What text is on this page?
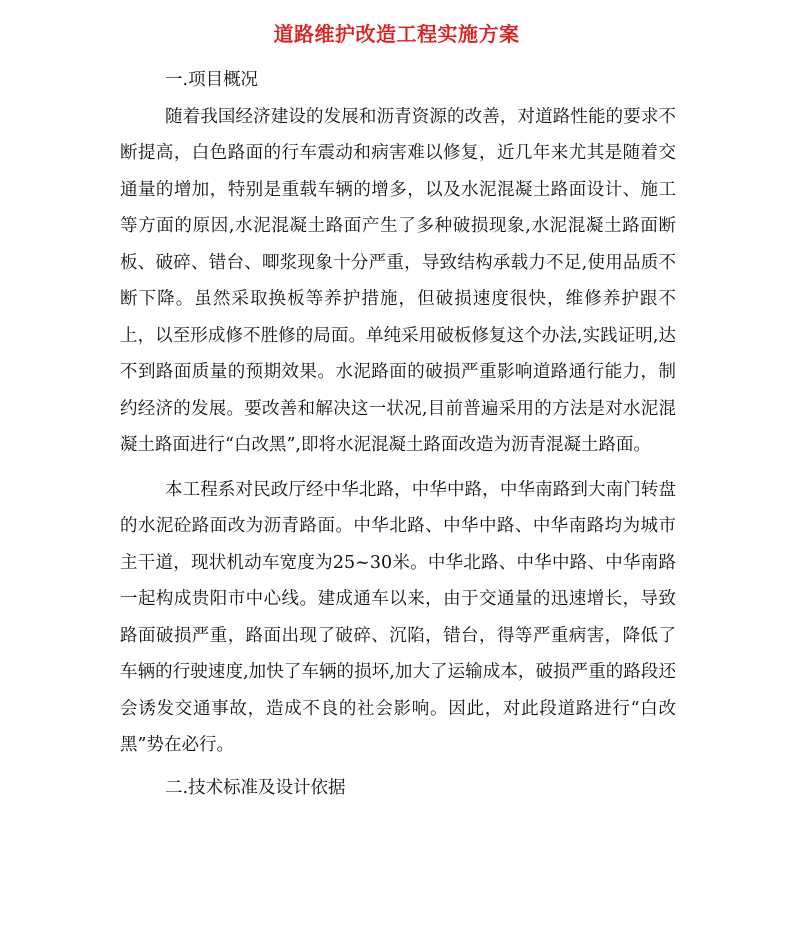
道路维护改造工程实施方案

一.项目概况

随着我国经济建设的发展和沥青资源的改善，对道路性能的要求不断提高，白色路面的行车震动和病害难以修复，近几年来尤其是随着交通量的增加，特别是重载车辆的增多，以及水泥混凝土路面设计、施工等方面的原因,水泥混凝土路面产生了多种破损现象,水泥混凝土路面断板、破碎、错台、唧浆现象十分严重，导致结构承载力不足,使用品质不断下降。虽然采取换板等养护措施，但破损速度很快，维修养护跟不上，以至形成修不胜修的局面。单纯采用破板修复这个办法,实践证明,达不到路面质量的预期效果。水泥路面的破损严重影响道路通行能力，制约经济的发展。要改善和解决这一状况,目前普遍采用的方法是对水泥混凝土路面进行“白改黑”,即将水泥混凝土路面改造为沥青混凝土路面。

本工程系对民政厅经中华北路，中华中路，中华南路到大南门转盘的水泥砼路面改为沥青路面。中华北路、中华中路、中华南路均为城市主干道，现状机动车宽度为25~30米。中华北路、中华中路、中华南路一起构成贵阳市中心线。建成通车以来，由于交通量的迅速增长，导致路面破损严重，路面出现了破碎、沉陷，错台，得等严重病害，降低了车辆的行驶速度,加快了车辆的损坏,加大了运输成本，破损严重的路段还会诱发交通事故，造成不良的社会影响。因此，对此段道路进行“白改黑”势在必行。

二.技术标准及设计依据
